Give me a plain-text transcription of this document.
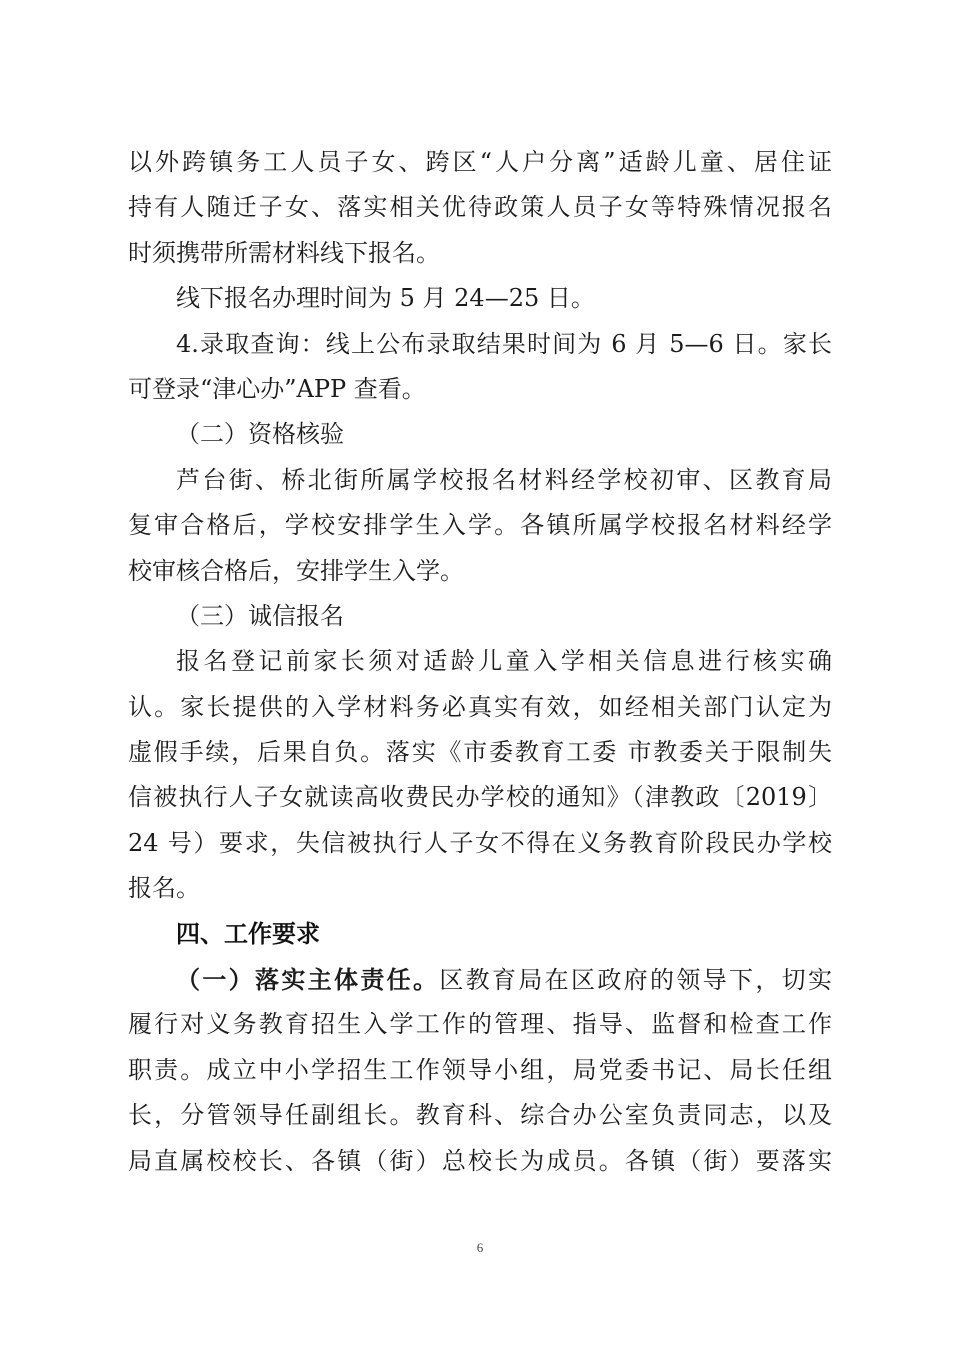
以外跨镇务工人员子女、跨区“人户分离”适龄儿童、居住证
持有人随迁子女、落实相关优待政策人员子女等特殊情况报名
时须携带所需材料线下报名。
线下报名办理时间为 5 月 24—25 日。
4.录取查询：线上公布录取结果时间为 6 月 5—6 日。家长
可登录“津心办”APP 查看。
（二）资格核验
芦台街、桥北街所属学校报名材料经学校初审、区教育局
复审合格后，学校安排学生入学。各镇所属学校报名材料经学
校审核合格后，安排学生入学。
（三）诚信报名
报名登记前家长须对适龄儿童入学相关信息进行核实确
认。家长提供的入学材料务必真实有效，如经相关部门认定为
虚假手续，后果自负。落实《市委教育工委 市教委关于限制失
信被执行人子女就读高收费民办学校的通知》（津教政〔2019〕
24 号）要求，失信被执行人子女不得在义务教育阶段民办学校
报名。
四、工作要求
（一）落实主体责任。区教育局在区政府的领导下，切实
履行对义务教育招生入学工作的管理、指导、监督和检查工作
职责。成立中小学招生工作领导小组，局党委书记、局长任组
长，分管领导任副组长。教育科、综合办公室负责同志，以及
局直属校校长、各镇（街）总校长为成员。各镇（街）要落实
6
